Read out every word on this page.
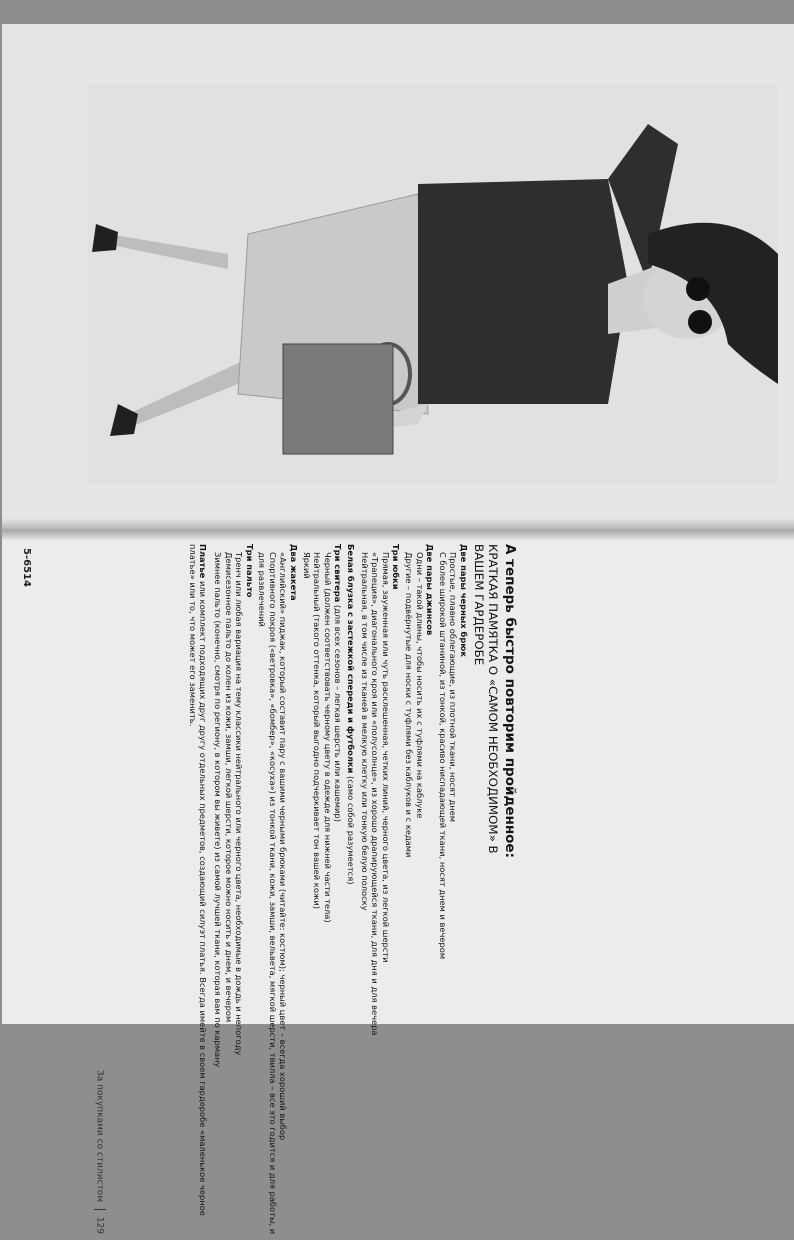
А теперь быстро повторим пройденное:

КРАТКАЯ ПАМЯТКА О «САМОМ НЕОБХОДИМОМ» В ВАШЕМ ГАРДЕРОБЕ

Две пары черных брюк

Простые, плавно облегающие, из плотной ткани, носят днем

С более широкой штаниной, из тонкой, красиво ниспадающей ткани, носят днем и вечером

Две пары джинсов

Одни – такой длины, чтобы носить их с туфлями на каблуке

Другие – подвёрнутые для носки с туфлями без каблуков и с кедами

Три юбки

Прямая, зауженная или чуть расклешенная, четких линий, черного цвета, из легкой шерсти

«Трапеция», диагонального кроя или «полусолнце», из хорошо драпирующейся ткани, для дня и для вечера

Нейтральная, в том числе из тканей в мелкую клетку или тонкую белую полоску

Белая блузка с застежкой спереди и футболки (само собой разумеется)

Три свитера (для всех сезонов – легкая шерсть или кашемир)

Черный (должен соответствовать черному цвету в одежде для нижней части тела)

Нейтральный (такого оттенка, который выгодно подчеркивает тон вашей кожи)

Яркий

Два жакета

«Английский» пиджак, который составит пару с вашими черными брюками (читайте: костюм); черный цвет – всегда хороший выбор

Спортивного покроя («ветровка», «бомбер», «косуха») из тонкой ткани, кожи, замши, вельвета, мягкой шерсти, твилла – все это годится и для работы, и для развлечений

Три пальто

Тренч или любая вариация на тему классики нейтрального или черного цвета, необходимые в дождь и непогоду

Демисезонное пальто до колен из кожи, замши, легкой шерсти, которое можно носить и днем, и вечером

Зимнее пальто (конечно, смотря по региону, в котором вы живете) из самой лучшей ткани, которая вам по карману

Платье или комплект подходящих друг другу отдельных предметов, создающий силуэт платья. Всегда имейте в своем гардеробе «маленькое черное платье» или то, что может его заменить.

За покупками со стилистом  129
5-6514
